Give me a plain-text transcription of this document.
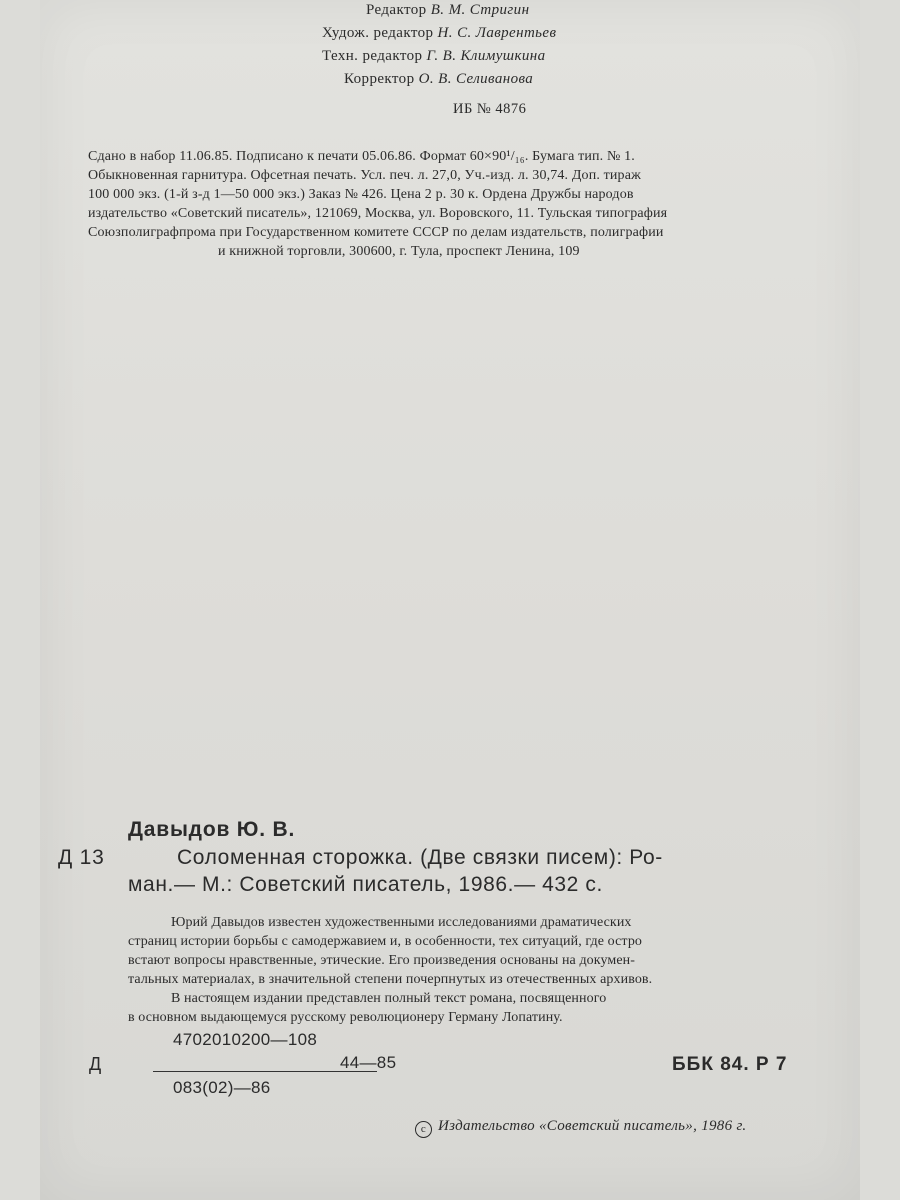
Редактор В. М. Стригин
Худож. редактор Н. С. Лаврентьев
Техн. редактор Г. В. Климушкина
Корректор О. В. Селиванова
ИБ № 4876
Сдано в набор 11.06.85. Подписано к печати 05.06.86. Формат 60×90¹/₁₆. Бумага тип. № 1.
Обыкновенная гарнитура. Офсетная печать. Усл. печ. л. 27,0, Уч.-изд. л. 30,74. Доп. тираж
100 000 экз. (1-й з-д 1—50 000 экз.) Заказ № 426. Цена 2 р. 30 к. Ордена Дружбы народов
издательство «Советский писатель», 121069, Москва, ул. Воровского, 11. Тульская типография
Союзполиграфпрома при Государственном комитете СССР по делам издательств, полиграфии
и книжной торговли, 300600, г. Тула, проспект Ленина, 109
Давыдов Ю. В.
Д 13	Соломенная сторожка. (Две связки писем): Ро-
ман.— М.: Советский писатель, 1986.— 432 с.
Юрий Давыдов известен художественными исследованиями драматических
страниц истории борьбы с самодержавием и, в особенности, тех ситуаций, где остро
встают вопросы нравственные, этические. Его произведения основаны на докумен-
тальных материалах, в значительной степени почерпнутых из отечественных архивов.
В настоящем издании представлен полный текст романа, посвященного
в основном выдающемуся русскому революционеру Герману Лопатину.
Д
4702010200—108
44—85
083(02)—86
ББК 84. Р 7
c Издательство «Советский писатель», 1986 г.
